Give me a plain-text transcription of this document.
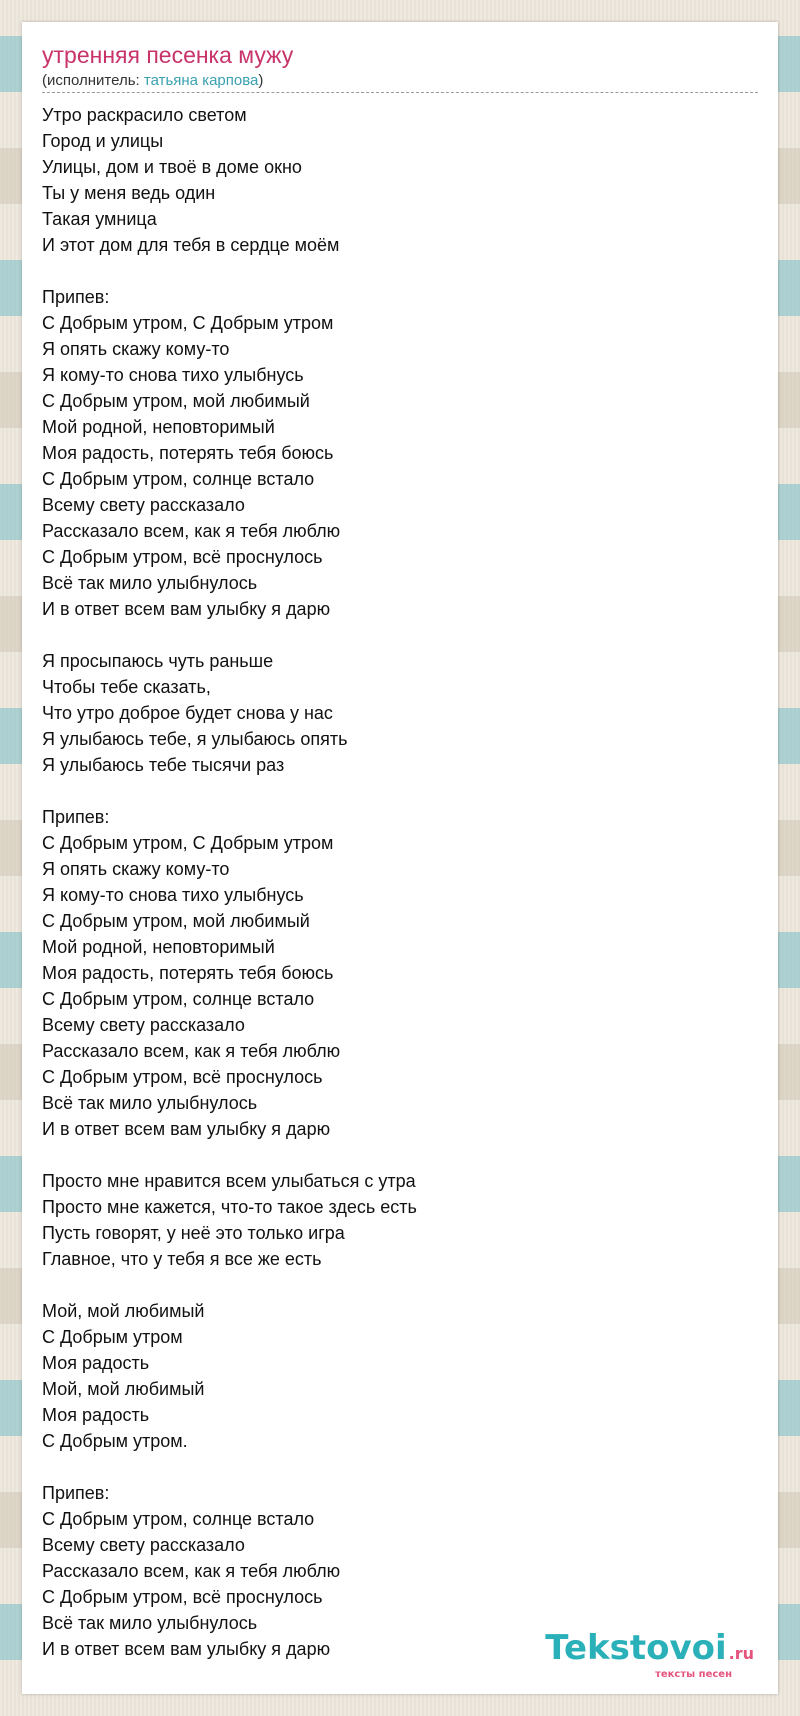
утренняя песенка мужу
(исполнитель: татьяна карпова)
Утро раскрасило светом
Город и улицы
Улицы, дом и твоё в доме окно
Ты у меня ведь один
Такая умница
И этот дом для тебя в сердце моём

Припев:
С Добрым утром, С Добрым утром
Я опять скажу кому-то
Я кому-то снова тихо улыбнусь
С Добрым утром, мой любимый
Мой родной, неповторимый
Моя радость, потерять тебя боюсь
С Добрым утром, солнце встало
Всему свету рассказало
Рассказало всем, как я тебя люблю
С Добрым утром, всё проснулось
Всё так мило улыбнулось
И в ответ всем вам улыбку я дарю

Я просыпаюсь чуть раньше
Чтобы тебе сказать,
Что утро доброе будет снова у нас
Я улыбаюсь тебе, я улыбаюсь опять
Я улыбаюсь тебе тысячи раз

Припев:
С Добрым утром, С Добрым утром
Я опять скажу кому-то
Я кому-то снова тихо улыбнусь
С Добрым утром, мой любимый
Мой родной, неповторимый
Моя радость, потерять тебя боюсь
С Добрым утром, солнце встало
Всему свету рассказало
Рассказало всем, как я тебя люблю
С Добрым утром, всё проснулось
Всё так мило улыбнулось
И в ответ всем вам улыбку я дарю

Просто мне нравится всем улыбаться с утра
Просто мне кажется, что-то такое здесь есть
Пусть говорят, у неё это только игра
Главное, что у тебя я все же есть

Мой, мой любимый
С Добрым утром
Моя радость
Мой, мой любимый
Моя радость
С Добрым утром.

Припев:
С Добрым утром, солнце встало
Всему свету рассказало
Рассказало всем, как я тебя люблю
С Добрым утром, всё проснулось
Всё так мило улыбнулось
И в ответ всем вам улыбку я дарю	Tekstovoi .ru
тексты песен
